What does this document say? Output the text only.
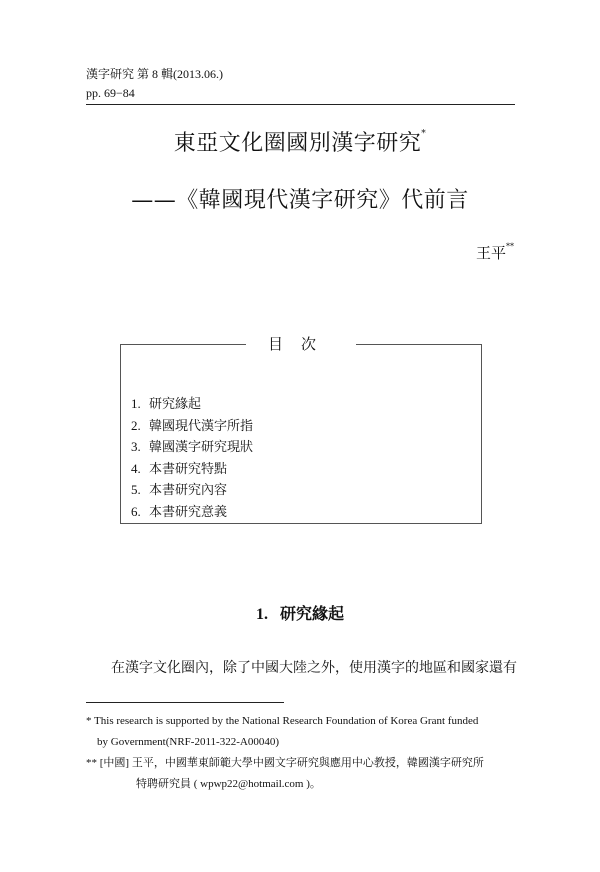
漢字研究 第 8 輯(2013.06.)
pp. 69−84
東亞文化圈國別漢字研究*
——《韓國現代漢字研究》代前言
王平**
目次
1. 研究緣起
2. 韓國現代漢字所指
3. 韓國漢字研究現狀
4. 本書研究特點
5. 本書研究內容
6. 本書研究意義
1. 研究緣起
在漢字文化圈內，除了中國大陸之外，使用漢字的地區和國家還有
* This research is supported by the National Research Foundation of Korea Grant funded
by Government(NRF-2011-322-A00040)
** [中國] 王平，中國華東師範大學中國文字研究與應用中心教授，韓國漢字研究所
特聘研究員 ( wpwp22@hotmail.com )。
